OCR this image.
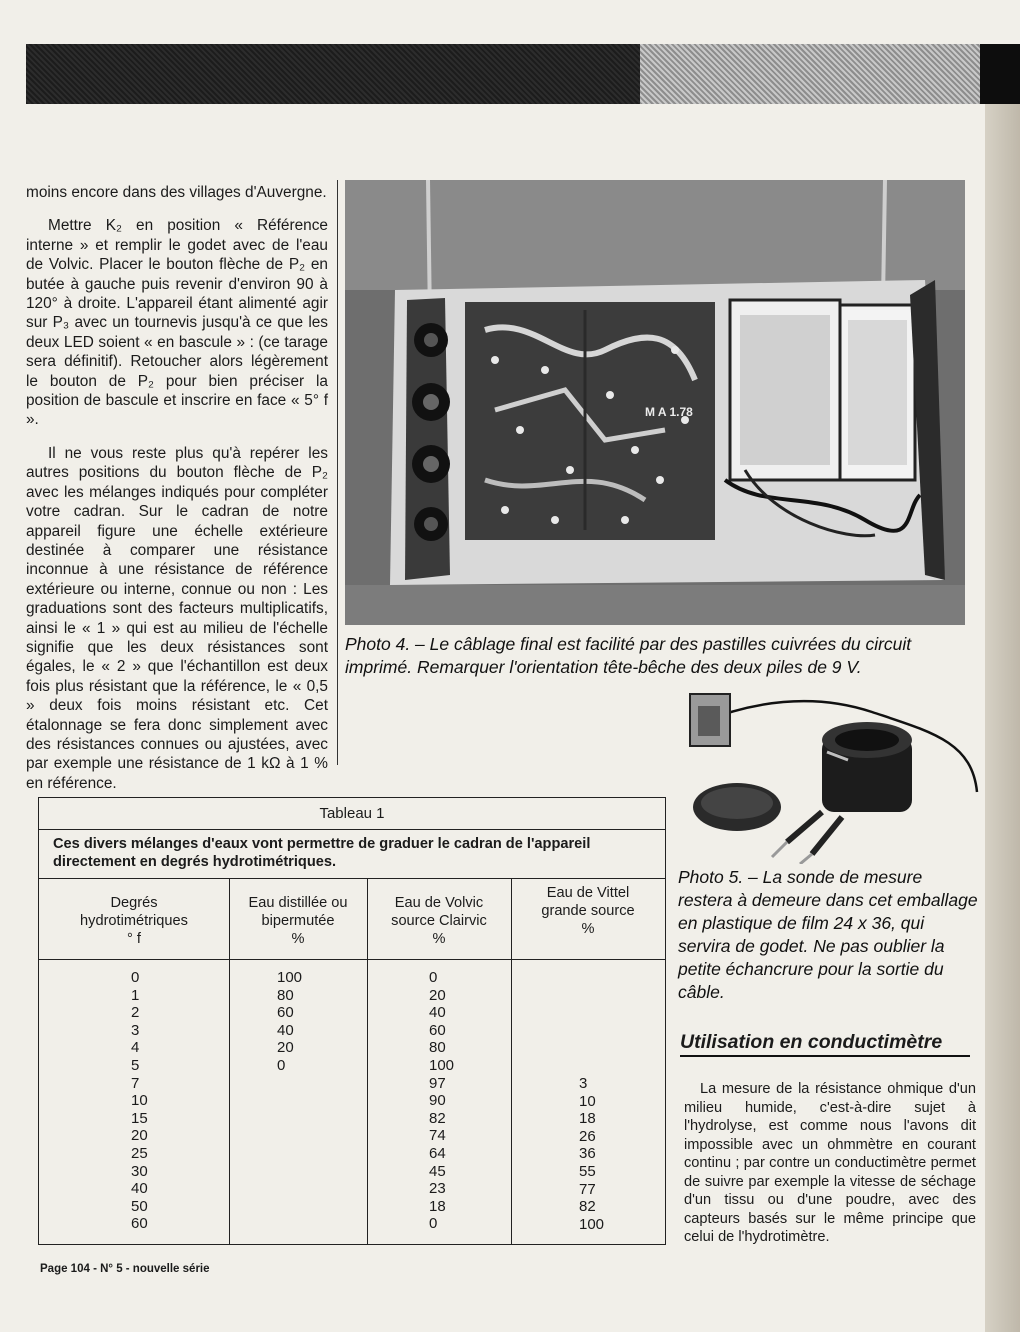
moins encore dans des villages d'Auvergne.

Mettre K₂ en position « Référence interne » et remplir le godet avec de l'eau de Volvic. Placer le bouton flèche de P₂ en butée à gauche puis revenir d'environ 90 à 120° à droite. L'appareil étant alimenté agir sur P₃ avec un tournevis jusqu'à ce que les deux LED soient « en bascule » : (ce tarage sera définitif). Retoucher alors légèrement le bouton de P₂ pour bien préciser la position de bascule et inscrire en face « 5° f ».

Il ne vous reste plus qu'à repérer les autres positions du bouton flèche de P₂ avec les mélanges indiqués pour compléter votre cadran. Sur le cadran de notre appareil figure une échelle extérieure destinée à comparer une résistance inconnue à une résistance de référence extérieure ou interne, connue ou non : Les graduations sont des facteurs multiplicatifs, ainsi le « 1 » qui est au milieu de l'échelle signifie que les deux résistances sont égales, le « 2 » que l'échantillon est deux fois plus résistant que la référence, le « 0,5 » deux fois moins résistant etc. Cet étalonnage se fera donc simplement avec des résistances connues ou ajustées, avec par exemple une résistance de 1 kΩ à 1 % en référence.

M A 1.78
Photo 4. – Le câblage final est facilité par des pastilles cuivrées du circuit imprimé. Remarquer l'orientation tête-bêche des deux piles de 9 V.
Photo 5. – La sonde de mesure restera à demeure dans cet emballage en plastique de film 24 x 36, qui servira de godet. Ne pas oublier la petite échancrure pour la sortie du câble.
Tableau 1
Ces divers mélanges d'eaux vont permettre de graduer le cadran de l'appareil directement en degrés hydrotimétriques.
Degrés
hydrotimétriques
° f
Eau distillée ou
bipermutée
%
Eau de Volvic
source Clairvic
%
Eau de Vittel
grande source
%
0
1
2
3
4
5
7
10
15
20
25
30
40
50
60
100
80
60
40
20
0
0
20
40
60
80
100
97
90
82
74
64
45
23
18
0
3
10
18
26
36
55
77
82
100
Utilisation en conductimètre

La mesure de la résistance ohmique d'un milieu humide, c'est-à-dire sujet à l'hydrolyse, est comme nous l'avons dit impossible avec un ohmmètre en courant continu ; par contre un conductimètre permet de suivre par exemple la vitesse de séchage d'un tissu ou d'une poudre, avec des capteurs basés sur le même principe que celui de l'hydrotimètre.

Page 104 - N° 5 - nouvelle série
